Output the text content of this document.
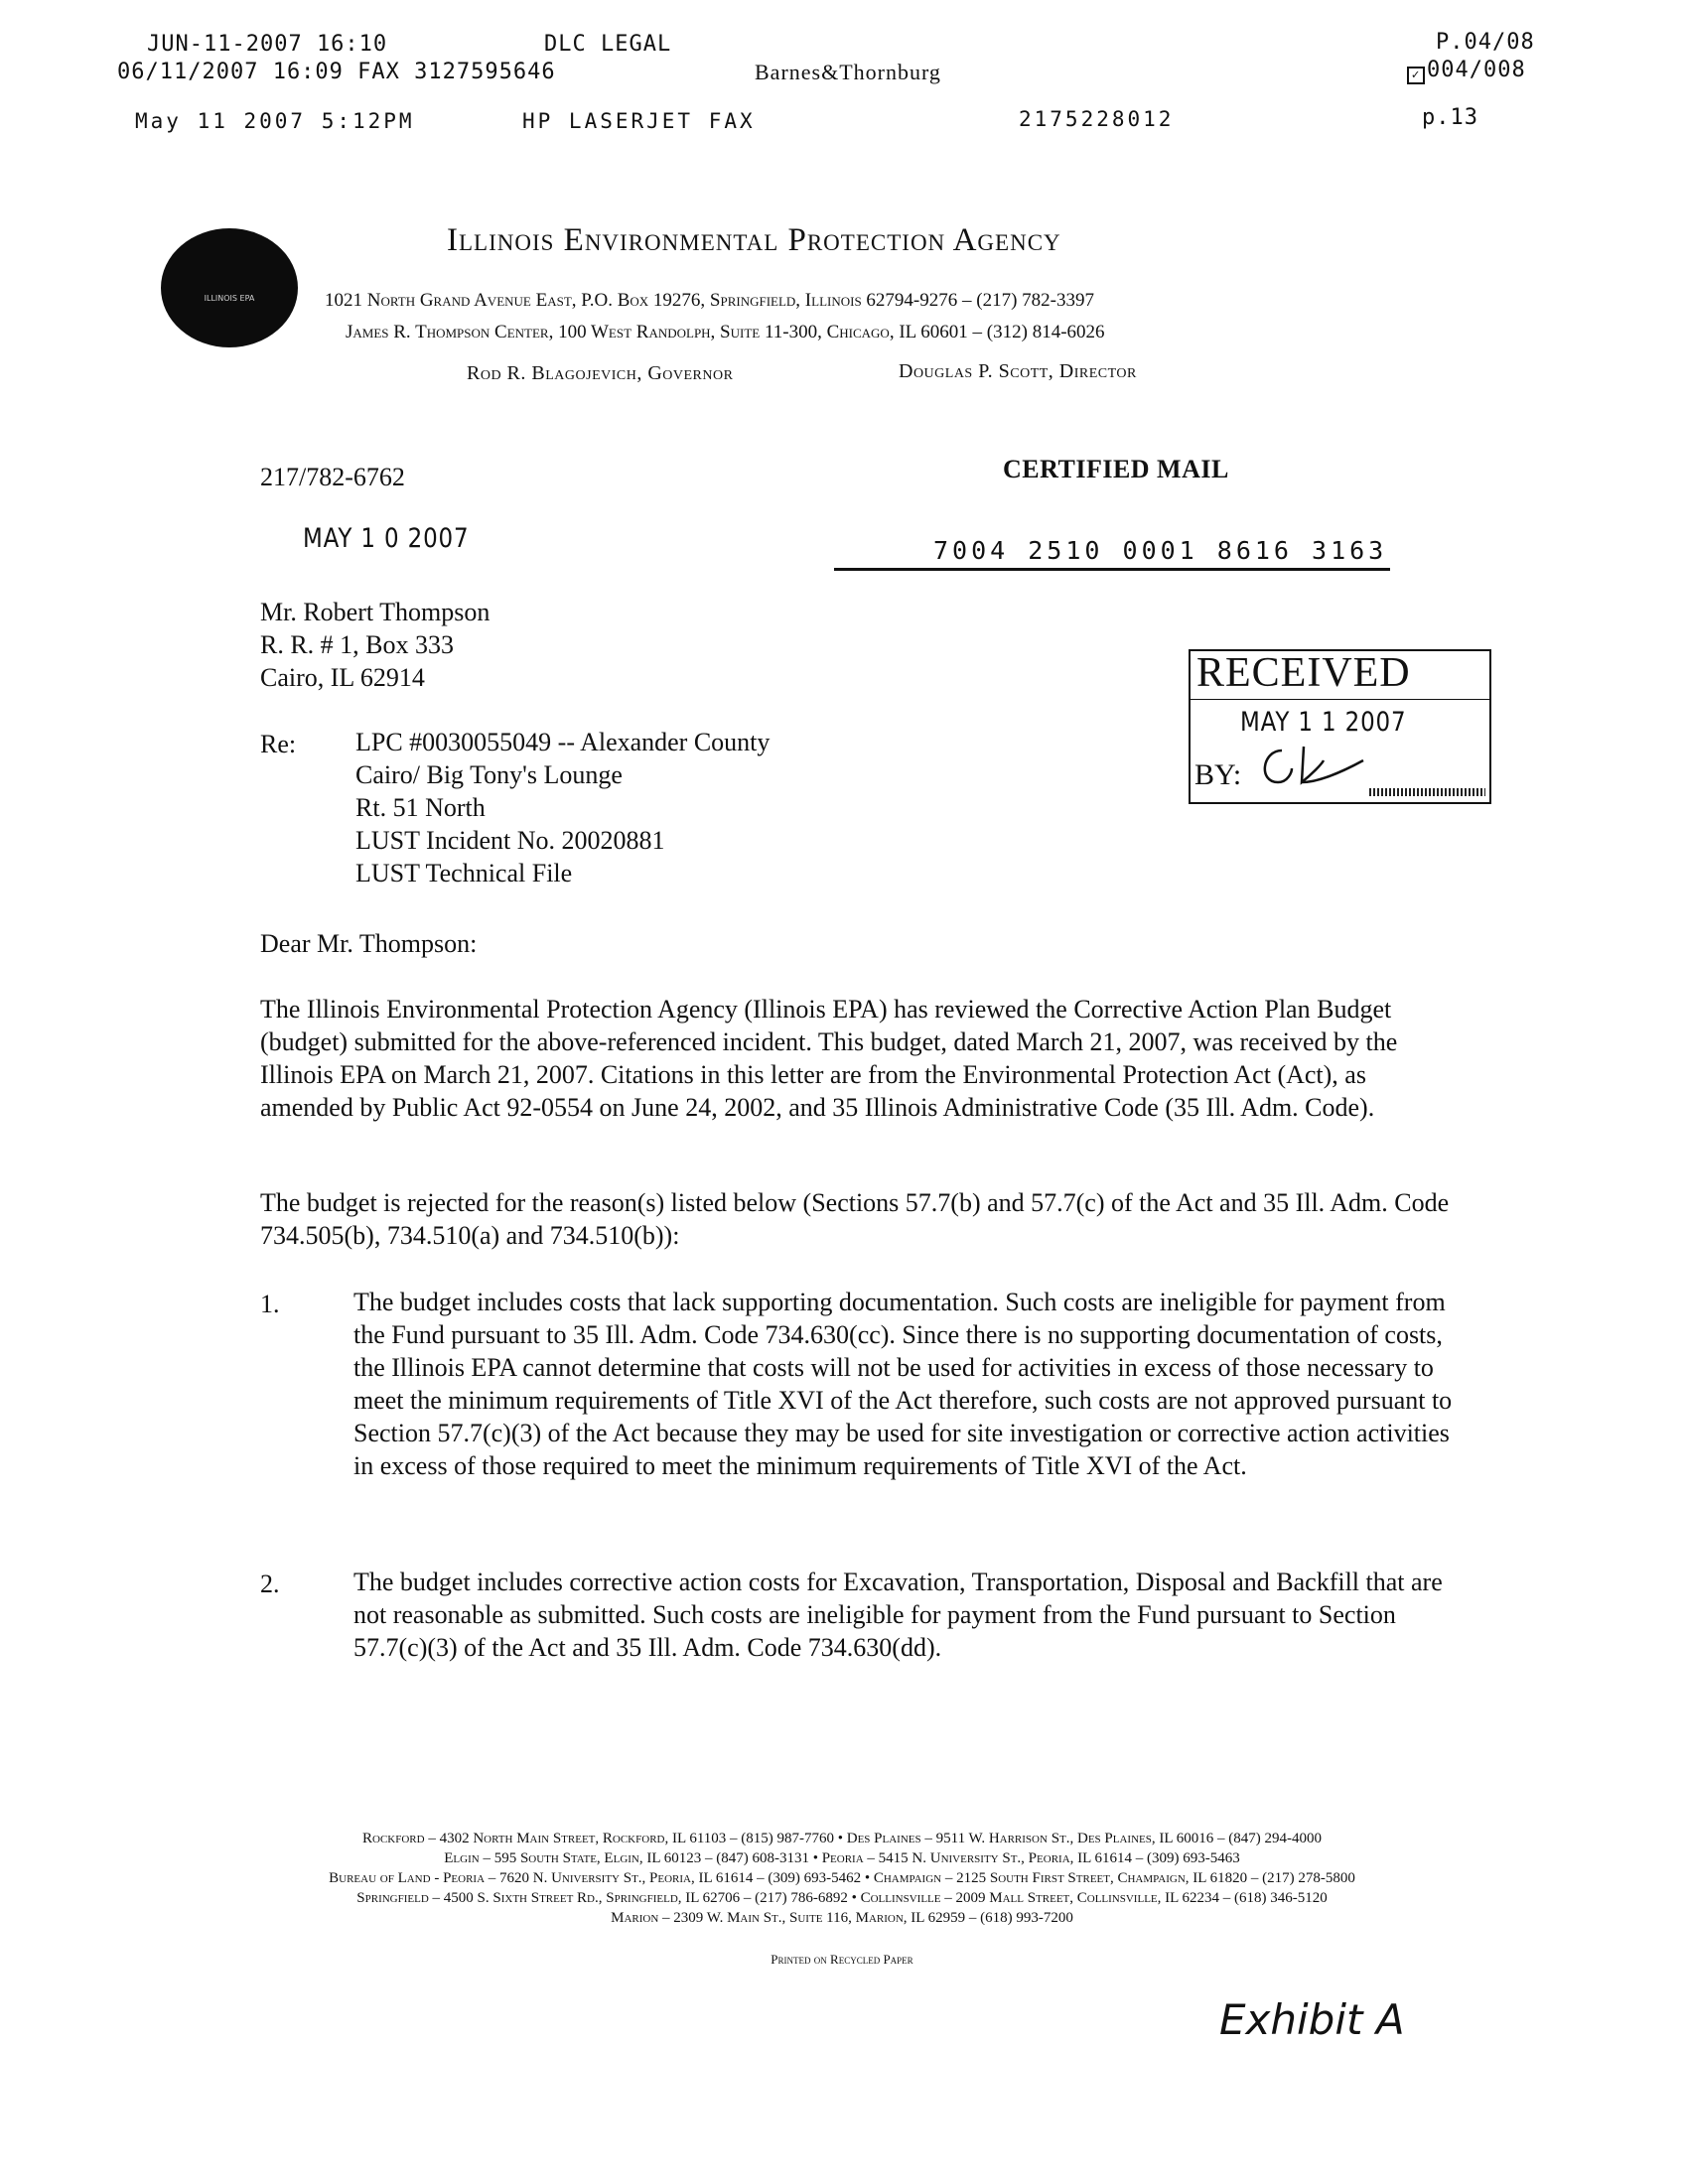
JUN-11-2007 16:10	DLC LEGAL	P.04/08
06/11/2007 16:09 FAX 3127595646	Barnes&Thornburg	✓ 004/008
May 11 2007 5:12PM	HP LASERJET FAX	2175228012	p.13
ILLINOIS EPA
Illinois Environmental Protection Agency
1021 North Grand Avenue East, P.O. Box 19276, Springfield, Illinois 62794-9276 – (217) 782-3397
James R. Thompson Center, 100 West Randolph, Suite 11-300, Chicago, IL 60601 – (312) 814-6026
Rod R. Blagojevich, Governor	Douglas P. Scott, Director
217/782-6762	CERTIFIED MAIL
MAY 1 0 2007	7004 2510 0001 8616 3163
Mr. Robert Thompson
R. R. # 1, Box 333
Cairo, IL 62914	RECEIVED
MAY 1 1 2007
BY:
Re: LPC #0030055049 -- Alexander County
Cairo/ Big Tony's Lounge
Rt. 51 North
LUST Incident No. 20020881
LUST Technical File
Dear Mr. Thompson:
The Illinois Environmental Protection Agency (Illinois EPA) has reviewed the Corrective Action Plan Budget (budget) submitted for the above-referenced incident. This budget, dated March 21, 2007, was received by the Illinois EPA on March 21, 2007. Citations in this letter are from the Environmental Protection Act (Act), as amended by Public Act 92-0554 on June 24, 2002, and 35 Illinois Administrative Code (35 Ill. Adm. Code).
The budget is rejected for the reason(s) listed below (Sections 57.7(b) and 57.7(c) of the Act and 35 Ill. Adm. Code 734.505(b), 734.510(a) and 734.510(b)):
1.	The budget includes costs that lack supporting documentation. Such costs are ineligible for payment from the Fund pursuant to 35 Ill. Adm. Code 734.630(cc). Since there is no supporting documentation of costs, the Illinois EPA cannot determine that costs will not be used for activities in excess of those necessary to meet the minimum requirements of Title XVI of the Act therefore, such costs are not approved pursuant to Section 57.7(c)(3) of the Act because they may be used for site investigation or corrective action activities in excess of those required to meet the minimum requirements of Title XVI of the Act.
2.	The budget includes corrective action costs for Excavation, Transportation, Disposal and Backfill that are not reasonable as submitted. Such costs are ineligible for payment from the Fund pursuant to Section 57.7(c)(3) of the Act and 35 Ill. Adm. Code 734.630(dd).
Rockford – 4302 North Main Street, Rockford, IL 61103 – (815) 987-7760 • Des Plaines – 9511 W. Harrison St., Des Plaines, IL 60016 – (847) 294-4000
Elgin – 595 South State, Elgin, IL 60123 – (847) 608-3131 • Peoria – 5415 N. University St., Peoria, IL 61614 – (309) 693-5463
Bureau of Land - Peoria – 7620 N. University St., Peoria, IL 61614 – (309) 693-5462 • Champaign – 2125 South First Street, Champaign, IL 61820 – (217) 278-5800
Springfield – 4500 S. Sixth Street Rd., Springfield, IL 62706 – (217) 786-6892 • Collinsville – 2009 Mall Street, Collinsville, IL 62234 – (618) 346-5120
Marion – 2309 W. Main St., Suite 116, Marion, IL 62959 – (618) 993-7200
Printed on Recycled Paper
Exhibit A
